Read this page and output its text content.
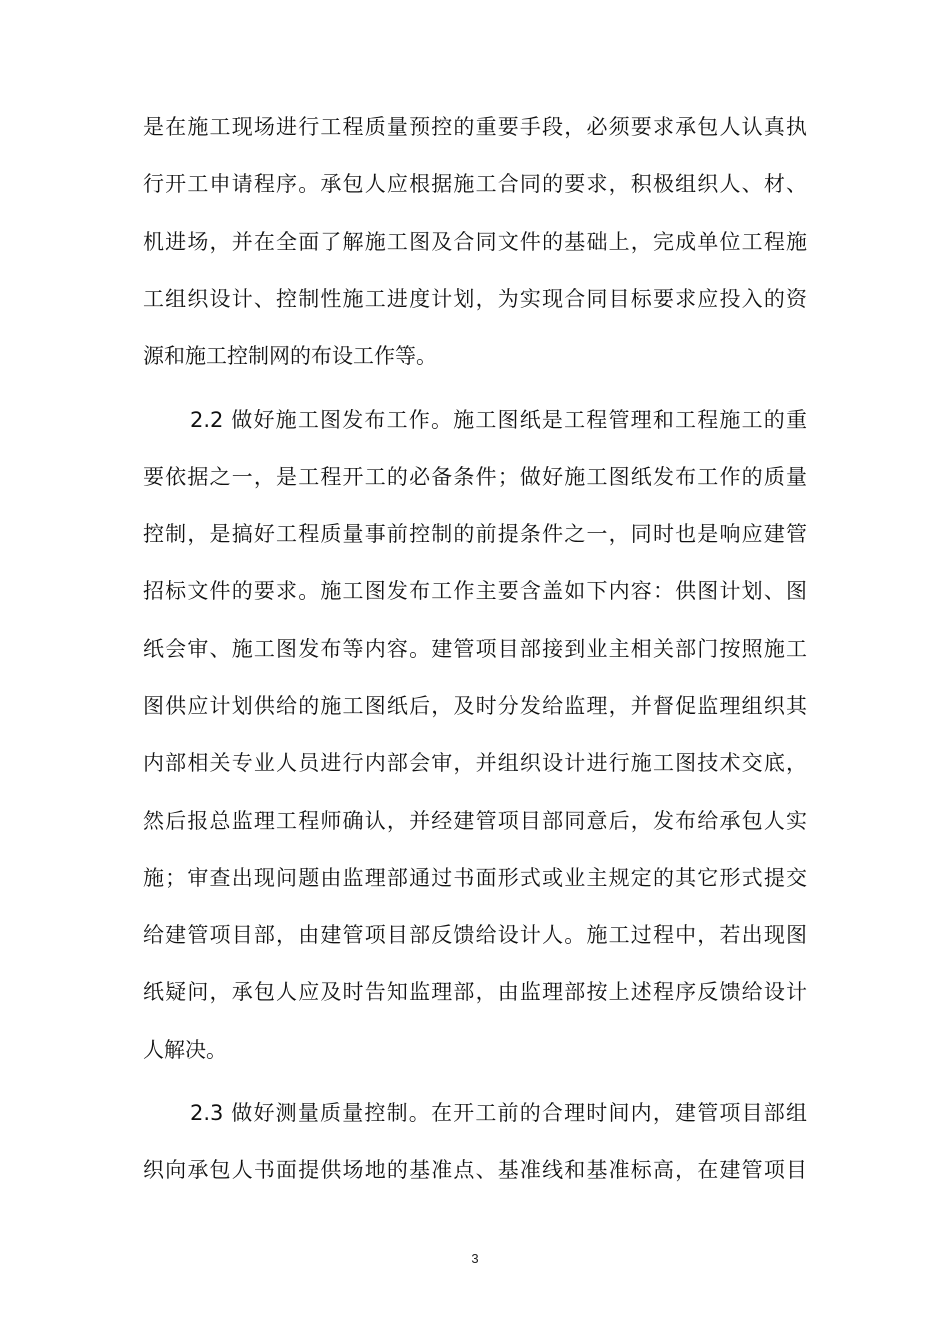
是在施工现场进行工程质量预控的重要手段，必须要求承包人认真执
行开工申请程序。承包人应根据施工合同的要求，积极组织人、材、
机进场，并在全面了解施工图及合同文件的基础上，完成单位工程施
工组织设计、控制性施工进度计划，为实现合同目标要求应投入的资
源和施工控制网的布设工作等。
2.2 做好施工图发布工作。施工图纸是工程管理和工程施工的重
要依据之一，是工程开工的必备条件；做好施工图纸发布工作的质量
控制，是搞好工程质量事前控制的前提条件之一，同时也是响应建管
招标文件的要求。施工图发布工作主要含盖如下内容：供图计划、图
纸会审、施工图发布等内容。建管项目部接到业主相关部门按照施工
图供应计划供给的施工图纸后，及时分发给监理，并督促监理组织其
内部相关专业人员进行内部会审，并组织设计进行施工图技术交底，
然后报总监理工程师确认，并经建管项目部同意后，发布给承包人实
施；审查出现问题由监理部通过书面形式或业主规定的其它形式提交
给建管项目部，由建管项目部反馈给设计人。施工过程中，若出现图
纸疑问，承包人应及时告知监理部，由监理部按上述程序反馈给设计
人解决。
2.3 做好测量质量控制。在开工前的合理时间内，建管项目部组
织向承包人书面提供场地的基准点、基准线和基准标高，在建管项目
3
